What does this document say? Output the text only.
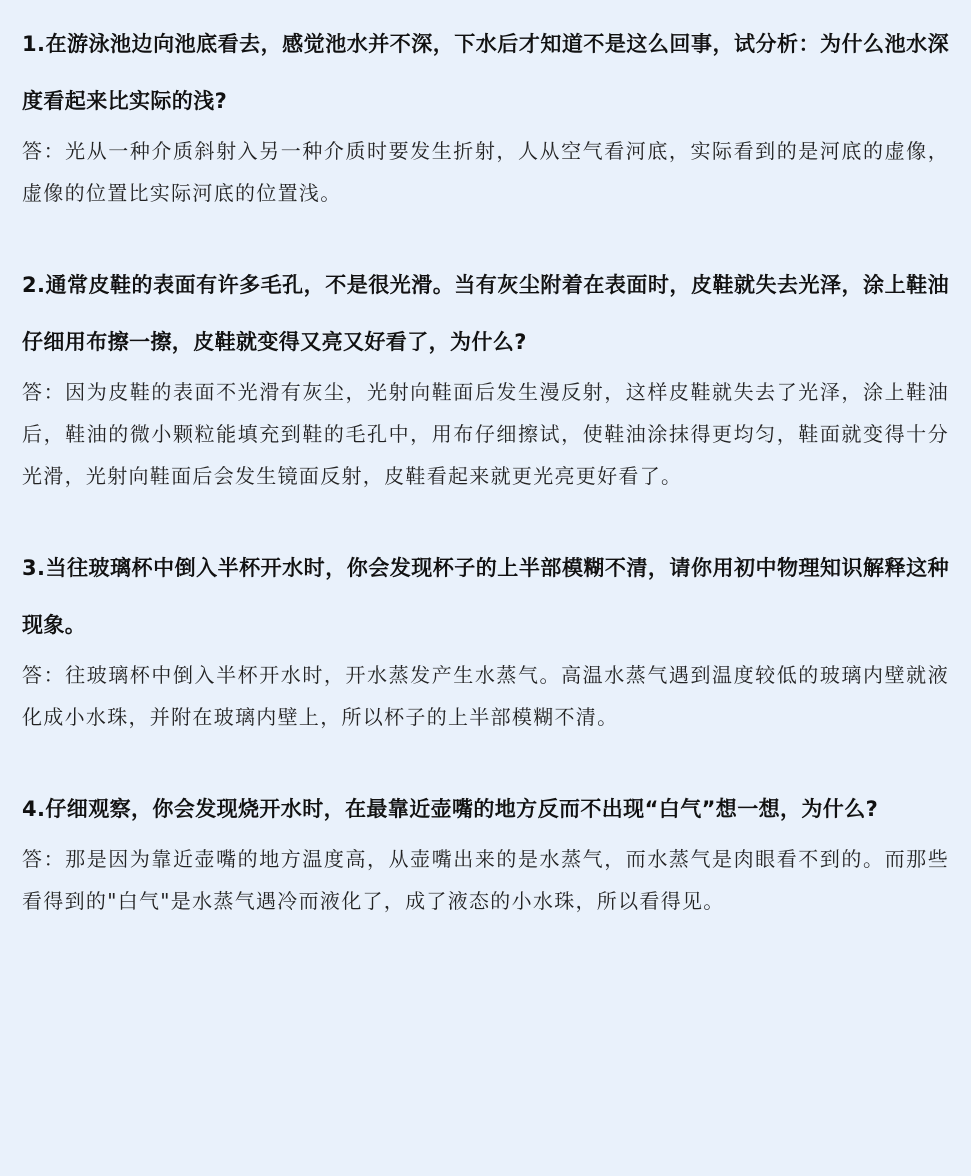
1.在游泳池边向池底看去，感觉池水并不深，下水后才知道不是这么回事，试分析：为什么池水深度看起来比实际的浅?

答：光从一种介质斜射入另一种介质时要发生折射，人从空气看河底，实际看到的是河底的虚像，虚像的位置比实际河底的位置浅。

2.通常皮鞋的表面有许多毛孔，不是很光滑。当有灰尘附着在表面时，皮鞋就失去光泽，涂上鞋油仔细用布擦一擦，皮鞋就变得又亮又好看了，为什么?

答：因为皮鞋的表面不光滑有灰尘，光射向鞋面后发生漫反射，这样皮鞋就失去了光泽，涂上鞋油后，鞋油的微小颗粒能填充到鞋的毛孔中，用布仔细擦试，使鞋油涂抹得更均匀，鞋面就变得十分光滑，光射向鞋面后会发生镜面反射，皮鞋看起来就更光亮更好看了。

3.当往玻璃杯中倒入半杯开水时，你会发现杯子的上半部模糊不清，请你用初中物理知识解释这种现象。

答：往玻璃杯中倒入半杯开水时，开水蒸发产生水蒸气。高温水蒸气遇到温度较低的玻璃内壁就液化成小水珠，并附在玻璃内壁上，所以杯子的上半部模糊不清。

4.仔细观察，你会发现烧开水时，在最靠近壶嘴的地方反而不出现“白气”想一想，为什么?

答：那是因为靠近壶嘴的地方温度高，从壶嘴出来的是水蒸气，而水蒸气是肉眼看不到的。而那些看得到的"白气"是水蒸气遇冷而液化了，成了液态的小水珠，所以看得见。
